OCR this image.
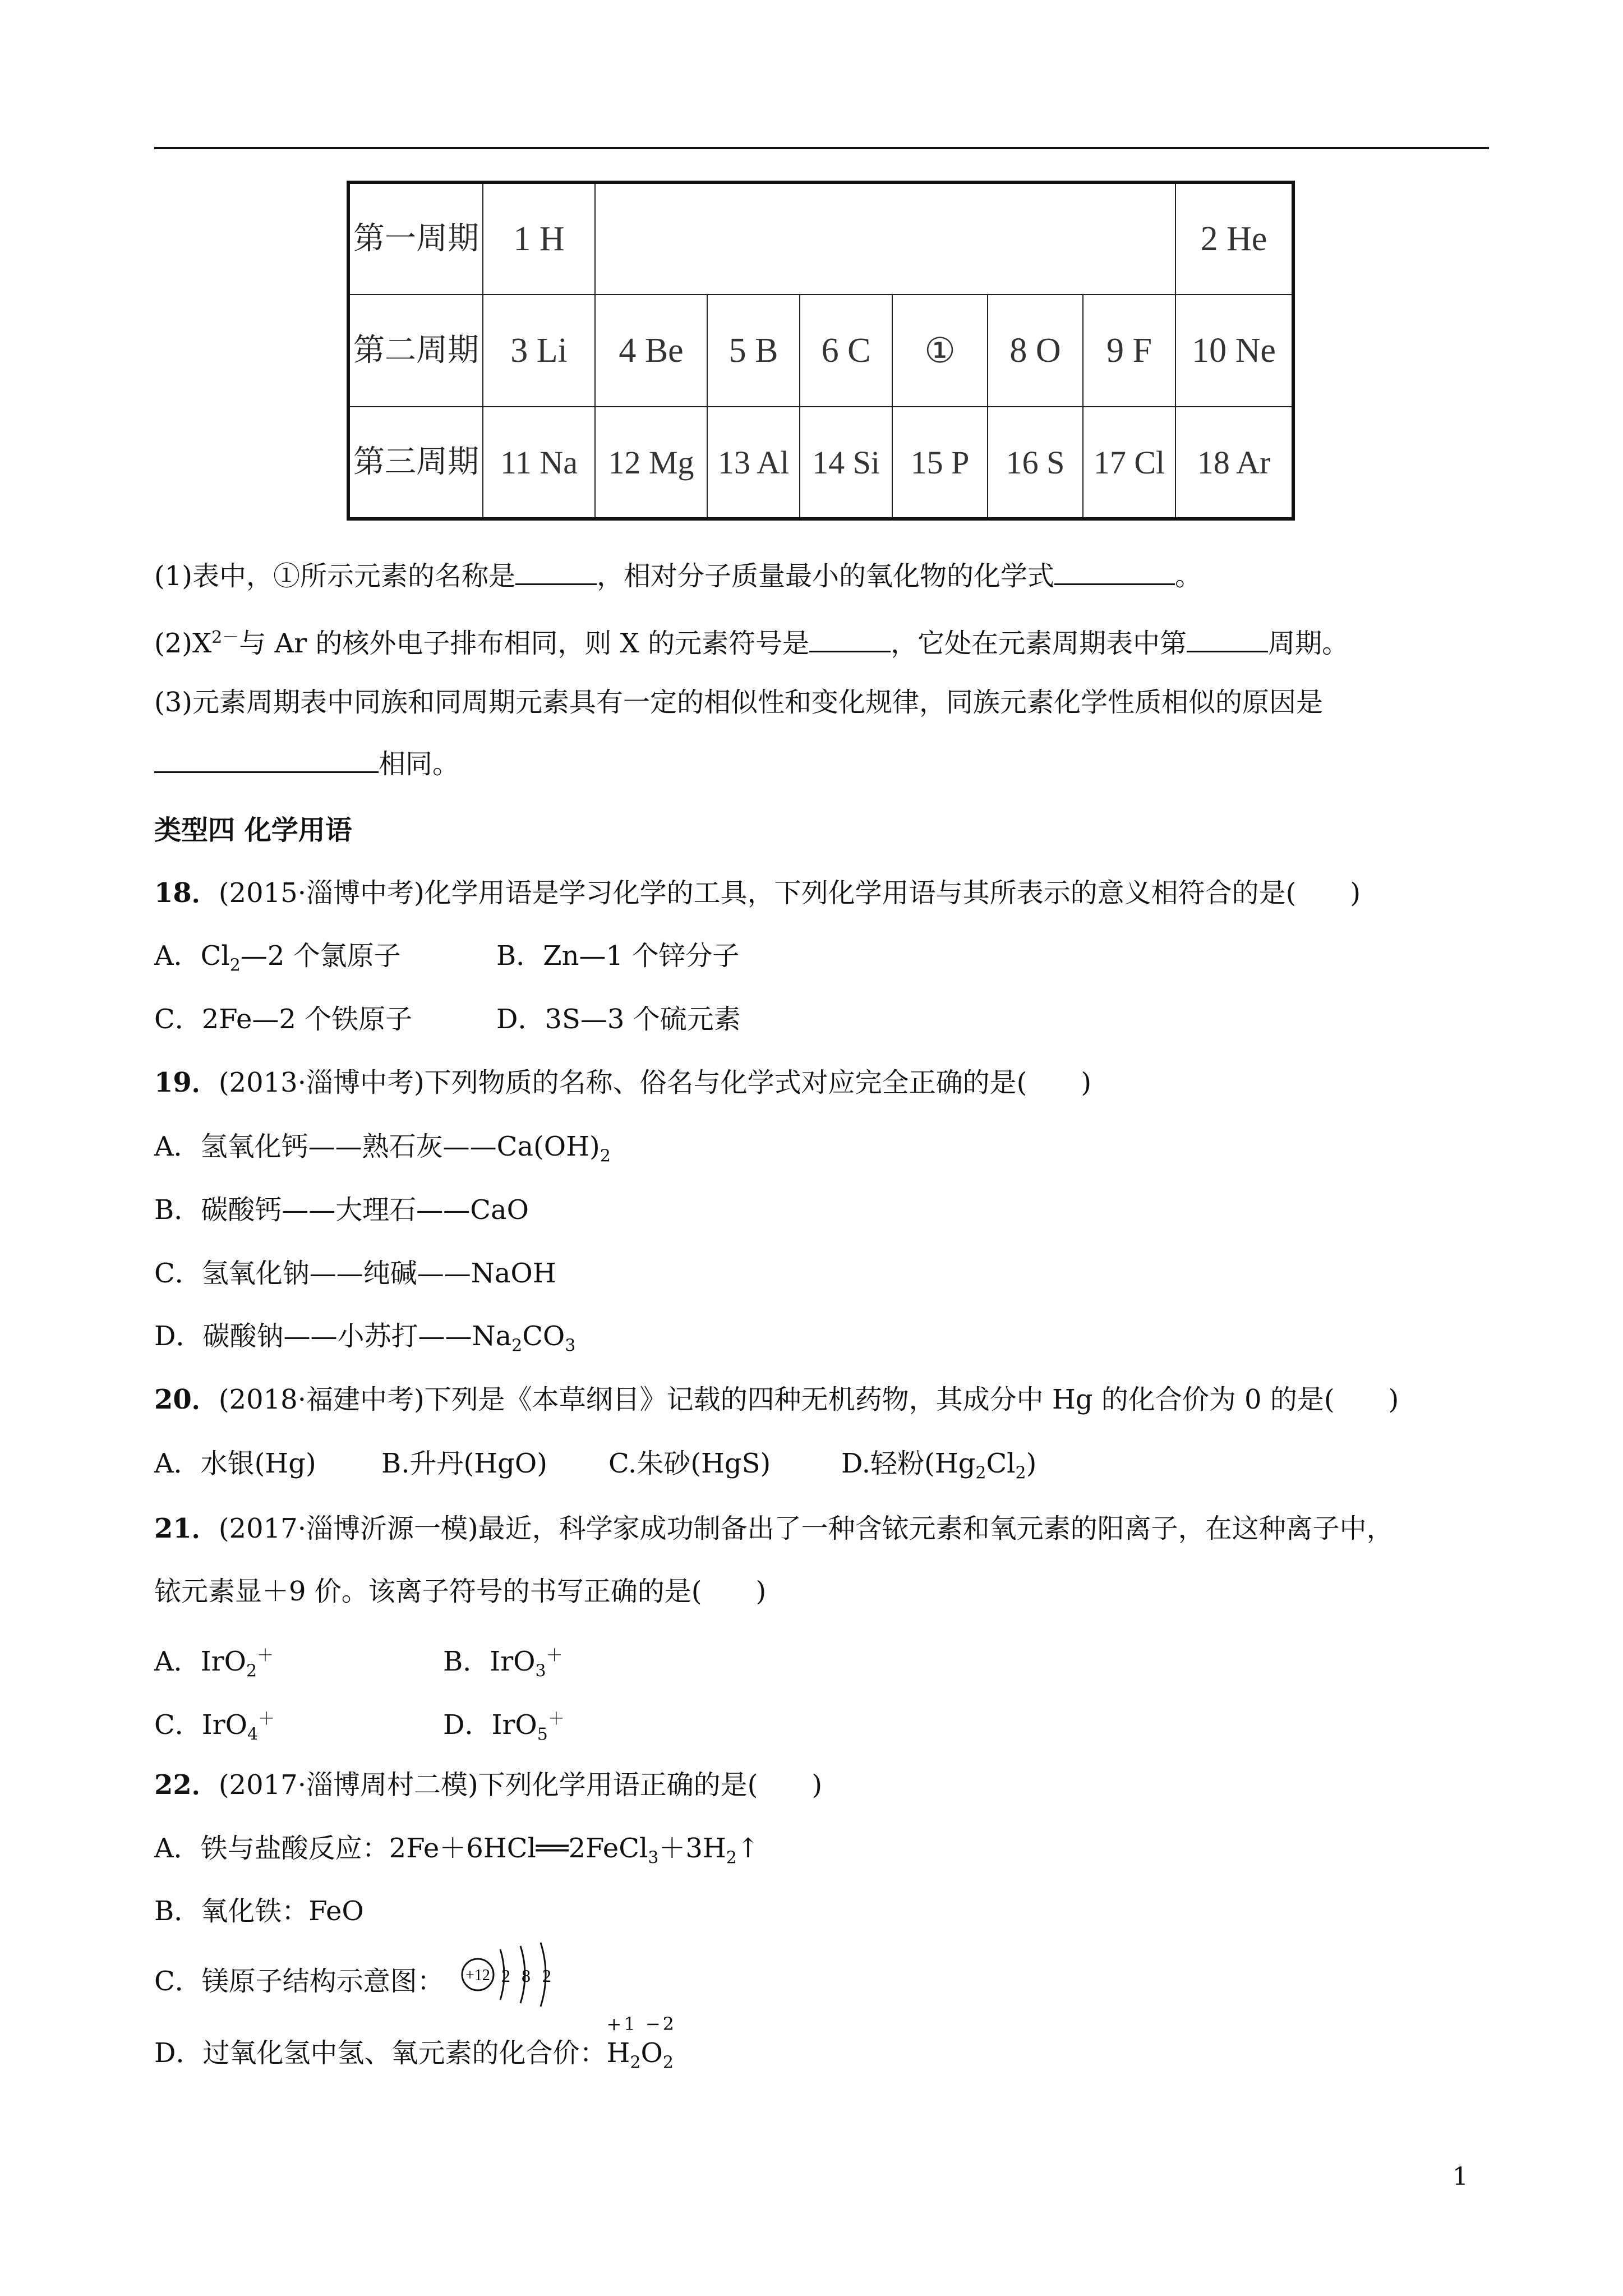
第一周期	1 H							2 He
第二周期	3 Li	4 Be	5 B	6 C	①	8 O	9 F	10 Ne
第三周期	11 Na	12 Mg	13 Al	14 Si	15 P	16 S	17 Cl	18 Ar
(1)表中，①所示元素的名称是	，相对分子质量最小的氧化物的化学式	。
$(2)X^{2-}$与 Ar 的核外电子排布相同，则 X 的元素符号是	，它处在元素周期表中第	周期。
(3)元素周期表中同族和同周期元素具有一定的相似性和变化规律，同族元素化学性质相似的原因是
相同。
类型四 化学用语
18．(2015·淄博中考)化学用语是学习化学的工具，下列化学用语与其所表示的意义相符合的是(　　)
A．$Cl_2—2$ 个氯原子	B．Zn—1 个锌分子
C．2Fe—2 个铁原子	D．3S—3 个硫元素
19．(2013·淄博中考)下列物质的名称、俗名与化学式对应完全正确的是(　　)
A．氢氧化钙——熟石灰$——Ca(OH)_2$
B．碳酸钙——大理石——CaO
C．氢氧化钠——纯碱——NaOH
D．碳酸钠——小苏打$——Na_2CO_3$
20．(2018·福建中考)下列是《本草纲目》记载的四种无机药物，其成分中 Hg 的化合价为 0 的是(　　)
A．水银(Hg) B.升丹(HgO) C.朱砂(HgS)	D.轻粉$(Hg_2Cl_2)$
21．(2017·淄博沂源一模)最近，科学家成功制备出了一种含铱元素和氧元素的阳离子，在这种离子中，
铱元素显＋9 价。该离子符号的书写正确的是(　　)
A．IrO$_2$＋	B．IrO$_3$＋
C．IrO$_4$＋	D．IrO$_5$＋
22．(2017·淄博周村二模)下列化学用语正确的是(　　)
A．铁与盐酸反应：$2Fe+6HCl══2FeCl_3+3H_2↑$
B．氧化铁：FeO
C．镁原子结构示意图： +12 2 8 2
D．过氧化氢中氢、氧元素的化合价：
+1 −2
$H_2O_2$
1
